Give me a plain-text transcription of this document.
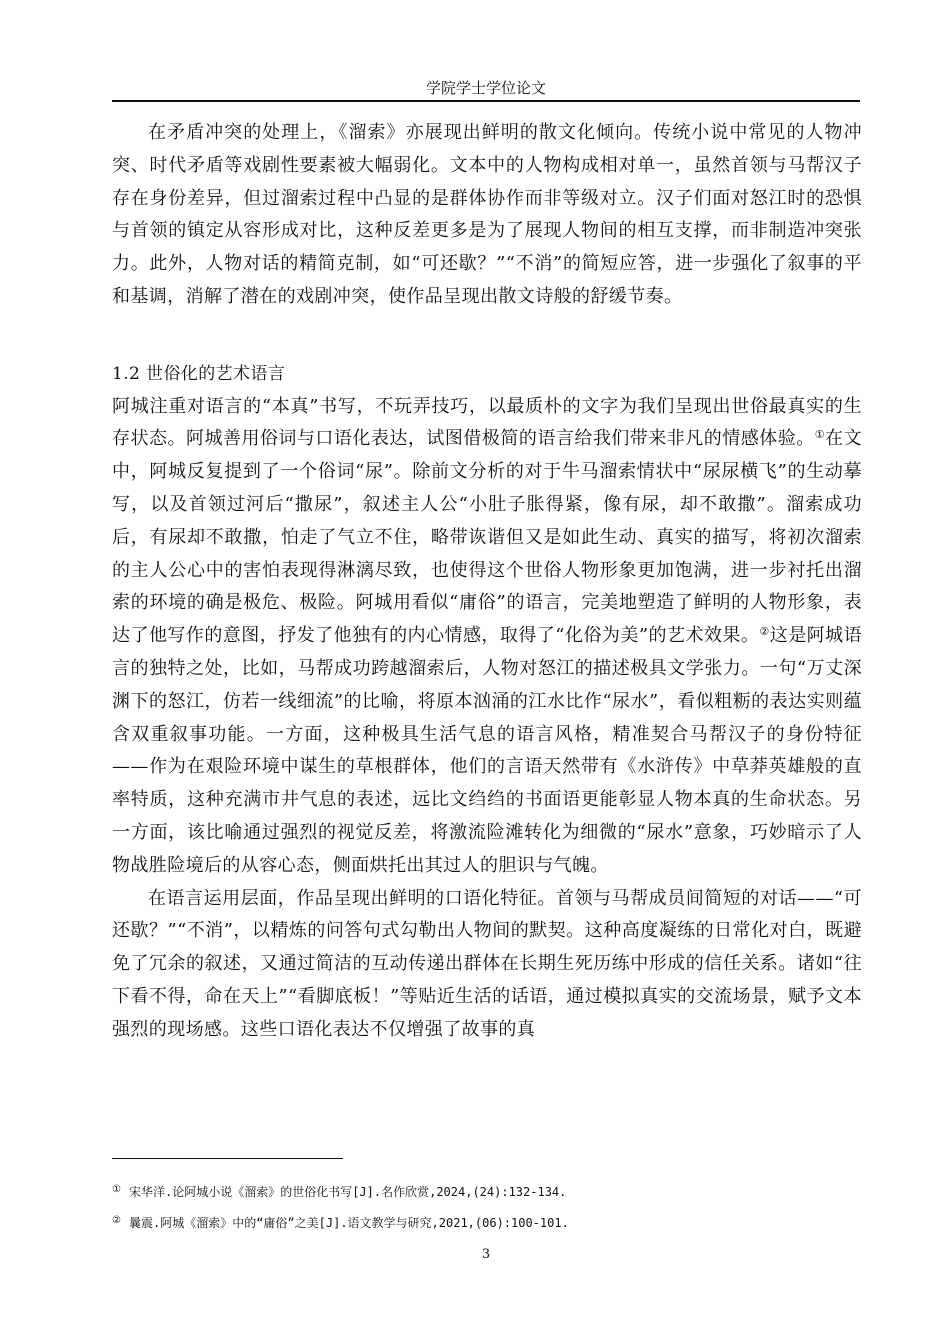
学院学士学位论文

在矛盾冲突的处理上，《溜索》亦展现出鲜明的散文化倾向。传统小说中常见的人物冲突、时代矛盾等戏剧性要素被大幅弱化。文本中的人物构成相对单一，虽然首领与马帮汉子存在身份差异，但过溜索过程中凸显的是群体协作而非等级对立。汉子们面对怒江时的恐惧与首领的镇定从容形成对比，这种反差更多是为了展现人物间的相互支撑，而非制造冲突张力。此外，人物对话的精简克制，如“可还歇？”“不消”的简短应答，进一步强化了叙事的平和基调，消解了潜在的戏剧冲突，使作品呈现出散文诗般的舒缓节奏。

1.2 世俗化的艺术语言

阿城注重对语言的“本真”书写，不玩弄技巧，以最质朴的文字为我们呈现出世俗最真实的生存状态。阿城善用俗词与口语化表达，试图借极简的语言给我们带来非凡的情感体验。①在文中，阿城反复提到了一个俗词“尿”。除前文分析的对于牛马溜索情状中“尿尿横飞”的生动摹写，以及首领过河后“撒尿”，叙述主人公“小肚子胀得紧，像有尿，却不敢撒”。溜索成功后，有尿却不敢撒，怕走了气立不住，略带诙谐但又是如此生动、真实的描写，将初次溜索的主人公心中的害怕表现得淋漓尽致，也使得这个世俗人物形象更加饱满，进一步衬托出溜索的环境的确是极危、极险。阿城用看似“庸俗”的语言，完美地塑造了鲜明的人物形象，表达了他写作的意图，抒发了他独有的内心情感，取得了“化俗为美”的艺术效果。②这是阿城语言的独特之处，比如，马帮成功跨越溜索后，人物对怒江的描述极具文学张力。一句“万丈深渊下的怒江，仿若一线细流”的比喻，将原本汹涌的江水比作“尿水”，看似粗粝的表达实则蕴含双重叙事功能。一方面，这种极具生活气息的语言风格，精准契合马帮汉子的身份特征——作为在艰险环境中谋生的草根群体，他们的言语天然带有《水浒传》中草莽英雄般的直率特质，这种充满市井气息的表述，远比文绉绉的书面语更能彰显人物本真的生命状态。另一方面，该比喻通过强烈的视觉反差，将激流险滩转化为细微的“尿水”意象，巧妙暗示了人物战胜险境后的从容心态，侧面烘托出其过人的胆识与气魄。

在语言运用层面，作品呈现出鲜明的口语化特征。首领与马帮成员间简短的对话——“可还歇？”“不消”，以精炼的问答句式勾勒出人物间的默契。这种高度凝练的日常化对白，既避免了冗余的叙述，又通过简洁的互动传递出群体在长期生死历练中形成的信任关系。诸如“往下看不得，命在天上”“看脚底板！”等贴近生活的话语，通过模拟真实的交流场景，赋予文本强烈的现场感。这些口语化表达不仅增强了故事的真

① 宋华洋.论阿城小说《溜索》的世俗化书写[J].名作欣赏,2024,(24):132-134.
② 曩震.阿城《溜索》中的“庸俗”之美[J].语文教学与研究,2021,(06):100-101.
3
